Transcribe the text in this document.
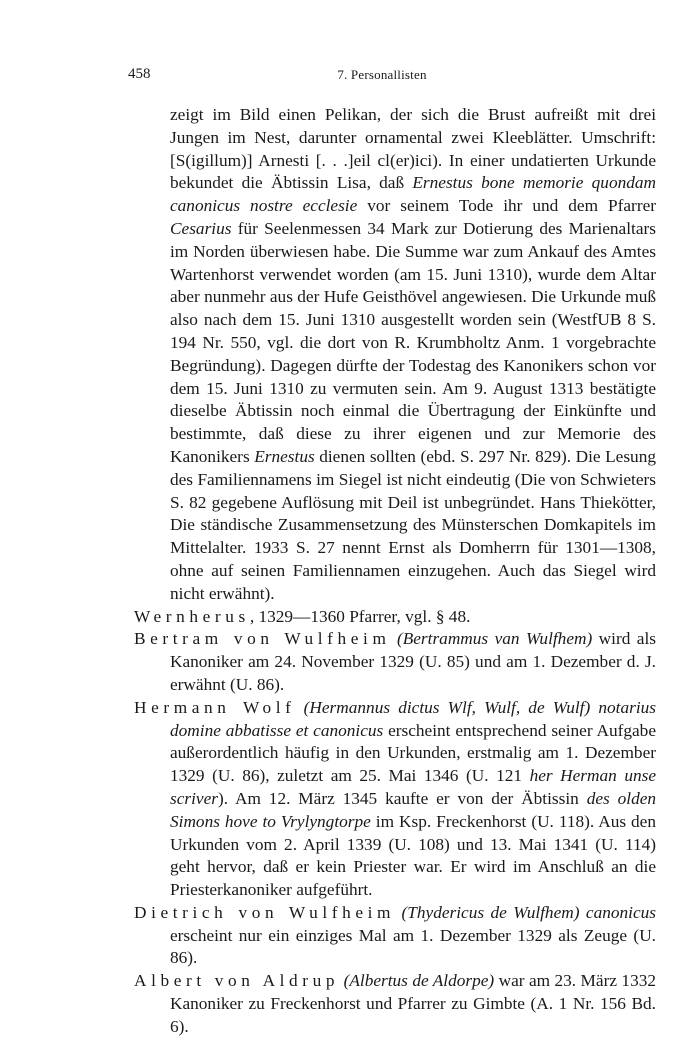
458	7. Personallisten

zeigt im Bild einen Pelikan, der sich die Brust aufreißt mit drei Jungen im Nest, darunter ornamental zwei Kleeblätter. Umschrift: [S(igillum)] Arnesti [. . .]eil cl(er)ici). In einer undatierten Urkunde bekundet die Äbtissin Lisa, daß Ernestus bone memorie quondam canonicus nostre ecclesie vor seinem Tode ihr und dem Pfarrer Cesarius für Seelenmessen 34 Mark zur Dotierung des Marienaltars im Norden überwiesen habe. Die Summe war zum Ankauf des Amtes Wartenhorst verwendet worden (am 15. Juni 1310), wurde dem Altar aber nunmehr aus der Hufe Geisthövel angewiesen. Die Urkunde muß also nach dem 15. Juni 1310 ausgestellt worden sein (WestfUB 8 S. 194 Nr. 550, vgl. die dort von R. Krumbholtz Anm. 1 vorgebrachte Begründung). Dagegen dürfte der Todestag des Kanonikers schon vor dem 15. Juni 1310 zu vermuten sein. Am 9. August 1313 bestätigte dieselbe Äbtissin noch einmal die Übertragung der Einkünfte und bestimmte, daß diese zu ihrer eigenen und zur Memorie des Kanonikers Ernestus dienen sollten (ebd. S. 297 Nr. 829). Die Lesung des Familiennamens im Siegel ist nicht eindeutig (Die von Schwieters S. 82 gegebene Auflösung mit Deil ist unbegründet. Hans Thiekötter, Die ständische Zusammensetzung des Münsterschen Domkapitels im Mittelalter. 1933 S. 27 nennt Ernst als Domherrn für 1301—1308, ohne auf seinen Familiennamen einzugehen. Auch das Siegel wird nicht erwähnt).

Wernherus, 1329—1360 Pfarrer, vgl. § 48.

Bertram von Wulfheim (Bertrammus van Wulfhem) wird als Kanoniker am 24. November 1329 (U. 85) und am 1. Dezember d. J. erwähnt (U. 86).

Hermann Wolf (Hermannus dictus Wlf, Wulf, de Wulf) notarius domine abbatisse et canonicus erscheint entsprechend seiner Aufgabe außerordentlich häufig in den Urkunden, erstmalig am 1. Dezember 1329 (U. 86), zuletzt am 25. Mai 1346 (U. 121 her Herman unse scriver). Am 12. März 1345 kaufte er von der Äbtissin des olden Simons hove to Vrylyngtorpe im Ksp. Freckenhorst (U. 118). Aus den Urkunden vom 2. April 1339 (U. 108) und 13. Mai 1341 (U. 114) geht hervor, daß er kein Priester war. Er wird im Anschluß an die Priesterkanoniker aufgeführt.

Dietrich von Wulfheim (Thydericus de Wulfhem) canonicus erscheint nur ein einziges Mal am 1. Dezember 1329 als Zeuge (U. 86).

Albert von Aldrup (Albertus de Aldorpe) war am 23. März 1332 Kanoniker zu Freckenhorst und Pfarrer zu Gimbte (A. 1 Nr. 156 Bd. 6).
